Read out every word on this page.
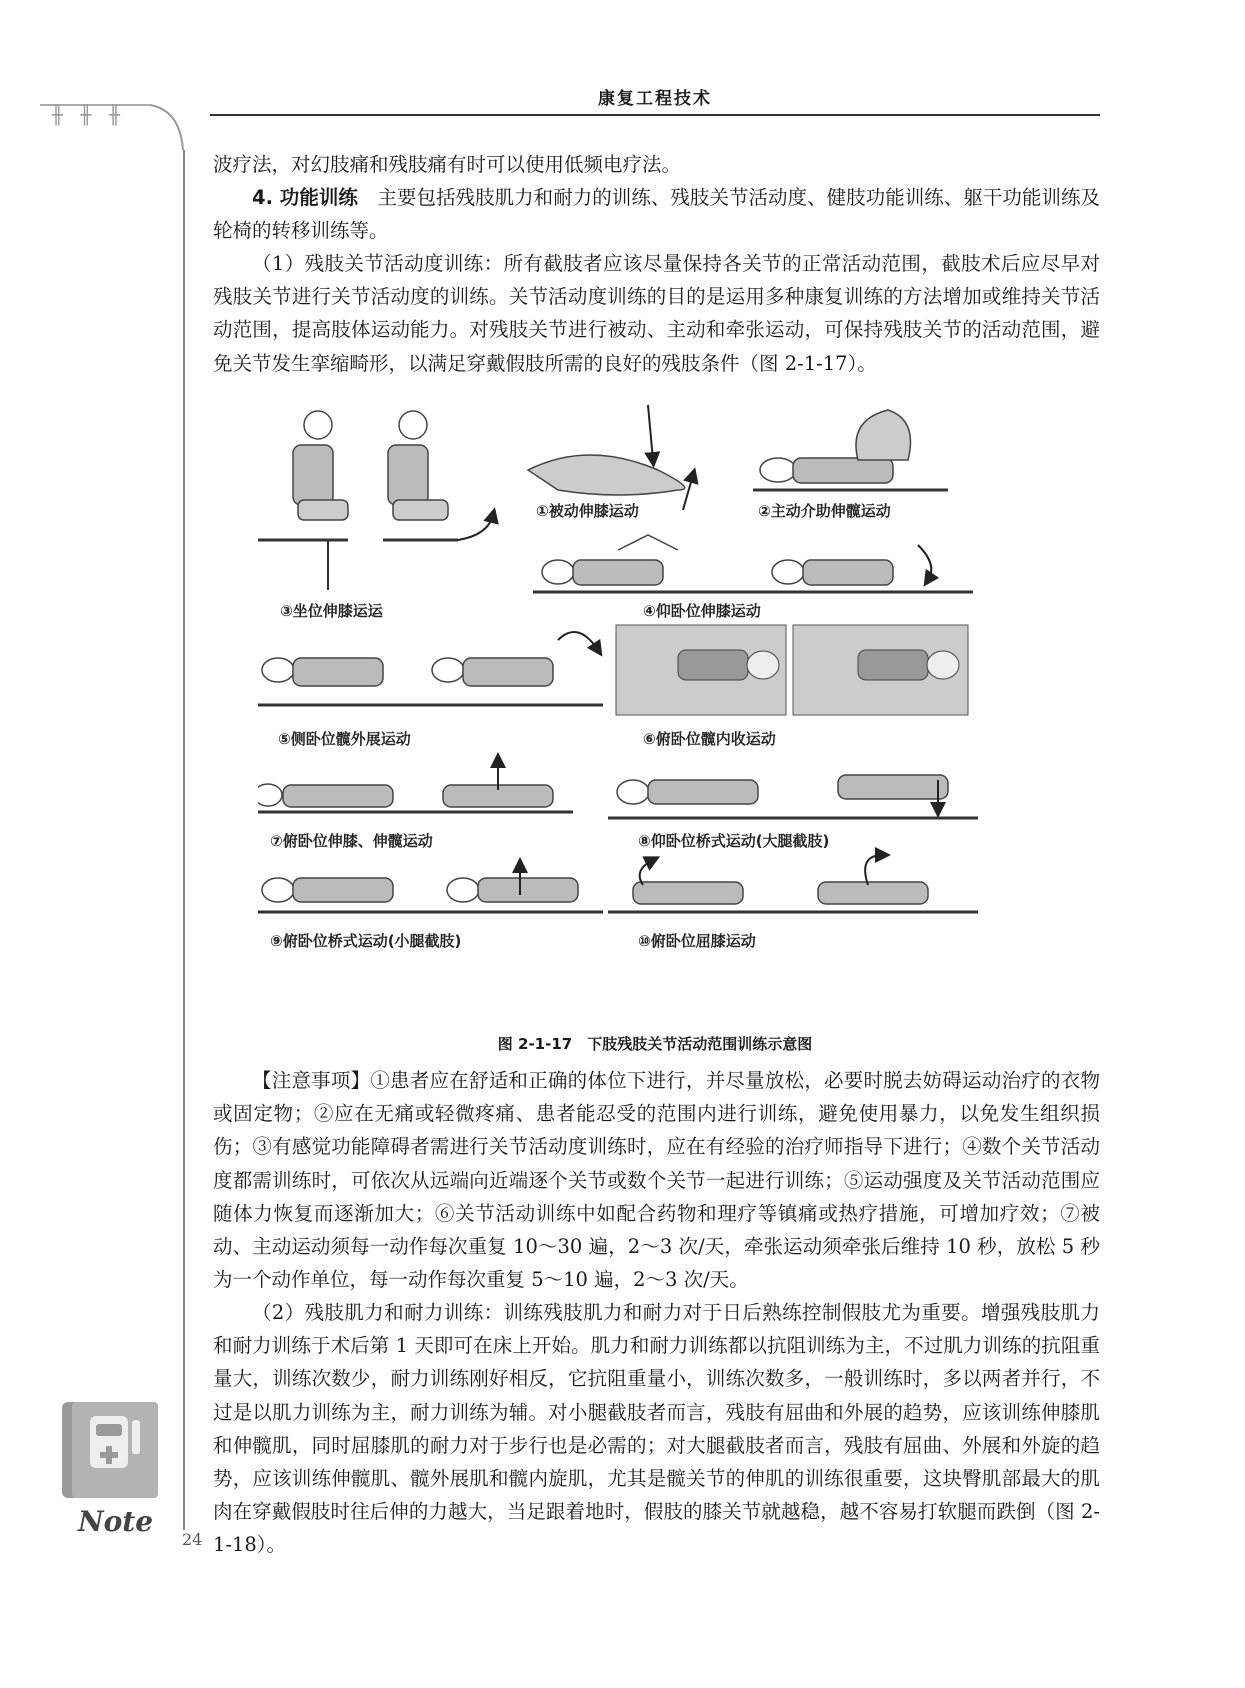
╫ ╫ ╫
康复工程技术
波疗法，对幻肢痛和残肢痛有时可以使用低频电疗法。
4. 功能训练　主要包括残肢肌力和耐力的训练、残肢关节活动度、健肢功能训练、躯干功能训练及轮椅的转移训练等。
（1）残肢关节活动度训练：所有截肢者应该尽量保持各关节的正常活动范围，截肢术后应尽早对残肢关节进行关节活动度的训练。关节活动度训练的目的是运用多种康复训练的方法增加或维持关节活动范围，提高肢体运动能力。对残肢关节进行被动、主动和牵张运动，可保持残肢关节的活动范围，避免关节发生挛缩畸形，以满足穿戴假肢所需的良好的残肢条件（图 2-1-17）。
①被动伸膝运动	②主动介助伸髋运动
③坐位伸膝运运	④仰卧位伸膝运动
⑤侧卧位髋外展运动	⑥俯卧位髋内收运动
⑦俯卧位伸膝、伸髋运动	⑧仰卧位桥式运动(大腿截肢)
⑨俯卧位桥式运动(小腿截肢)	⑩俯卧位屈膝运动
图 2-1-17　下肢残肢关节活动范围训练示意图
【注意事项】①患者应在舒适和正确的体位下进行，并尽量放松，必要时脱去妨碍运动治疗的衣物或固定物；②应在无痛或轻微疼痛、患者能忍受的范围内进行训练，避免使用暴力，以免发生组织损伤；③有感觉功能障碍者需进行关节活动度训练时，应在有经验的治疗师指导下进行；④数个关节活动度都需训练时，可依次从远端向近端逐个关节或数个关节一起进行训练；⑤运动强度及关节活动范围应随体力恢复而逐渐加大；⑥关节活动训练中如配合药物和理疗等镇痛或热疗措施，可增加疗效；⑦被动、主动运动须每一动作每次重复 10～30 遍，2～3 次/天，牵张运动须牵张后维持 10 秒，放松 5 秒为一个动作单位，每一动作每次重复 5～10 遍，2～3 次/天。
（2）残肢肌力和耐力训练：训练残肢肌力和耐力对于日后熟练控制假肢尤为重要。增强残肢肌力和耐力训练于术后第 1 天即可在床上开始。肌力和耐力训练都以抗阻训练为主，不过肌力训练的抗阻重量大，训练次数少，耐力训练刚好相反，它抗阻重量小，训练次数多，一般训练时，多以两者并行，不过是以肌力训练为主，耐力训练为辅。对小腿截肢者而言，残肢有屈曲和外展的趋势，应该训练伸膝肌和伸髋肌，同时屈膝肌的耐力对于步行也是必需的；对大腿截肢者而言，残肢有屈曲、外展和外旋的趋势，应该训练伸髋肌、髋外展肌和髋内旋肌，尤其是髋关节的伸肌的训练很重要，这块臀肌部最大的肌肉在穿戴假肢时往后伸的力越大，当足跟着地时，假肢的膝关节就越稳，越不容易打软腿而跌倒（图 2-1-18）。
Note
24
